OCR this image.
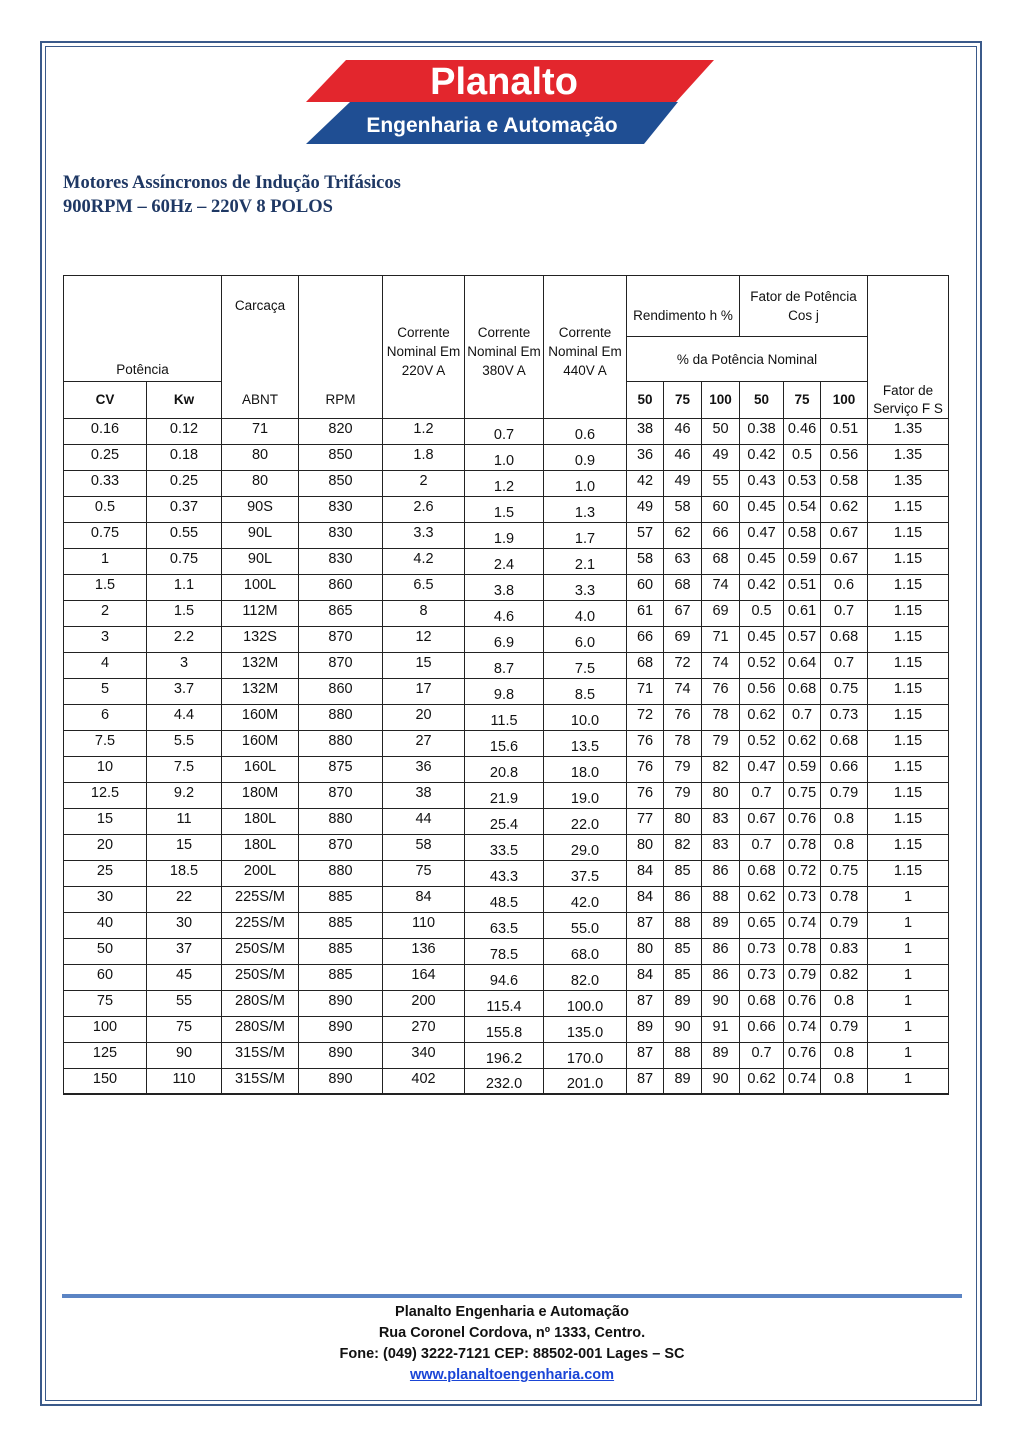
Planalto
Engenharia e Automação
Motores Assíncronos de Indução Trifásicos
900RPM – 60Hz – 220V 8 POLOS
Potência		Carcaça		Corrente Nominal Em 220V A	Corrente Nominal Em 380V A	Corrente Nominal Em 440V A	Rendimento h %			Fator de Potência Cos j			
							% da Potência Nominal						
CV	Kw	ABNT	RPM				50	75	100	50	75	100	Fator de Serviço F S
0.16	0.12	71	820	1.2	0.7	0.6	38	46	50	0.38	0.46	0.51	1.35
0.25	0.18	80	850	1.8	1.0	0.9	36	46	49	0.42	0.5	0.56	1.35
0.33	0.25	80	850	2	1.2	1.0	42	49	55	0.43	0.53	0.58	1.35
0.5	0.37	90S	830	2.6	1.5	1.3	49	58	60	0.45	0.54	0.62	1.15
0.75	0.55	90L	830	3.3	1.9	1.7	57	62	66	0.47	0.58	0.67	1.15
1	0.75	90L	830	4.2	2.4	2.1	58	63	68	0.45	0.59	0.67	1.15
1.5	1.1	100L	860	6.5	3.8	3.3	60	68	74	0.42	0.51	0.6	1.15
2	1.5	112M	865	8	4.6	4.0	61	67	69	0.5	0.61	0.7	1.15
3	2.2	132S	870	12	6.9	6.0	66	69	71	0.45	0.57	0.68	1.15
4	3	132M	870	15	8.7	7.5	68	72	74	0.52	0.64	0.7	1.15
5	3.7	132M	860	17	9.8	8.5	71	74	76	0.56	0.68	0.75	1.15
6	4.4	160M	880	20	11.5	10.0	72	76	78	0.62	0.7	0.73	1.15
7.5	5.5	160M	880	27	15.6	13.5	76	78	79	0.52	0.62	0.68	1.15
10	7.5	160L	875	36	20.8	18.0	76	79	82	0.47	0.59	0.66	1.15
12.5	9.2	180M	870	38	21.9	19.0	76	79	80	0.7	0.75	0.79	1.15
15	11	180L	880	44	25.4	22.0	77	80	83	0.67	0.76	0.8	1.15
20	15	180L	870	58	33.5	29.0	80	82	83	0.7	0.78	0.8	1.15
25	18.5	200L	880	75	43.3	37.5	84	85	86	0.68	0.72	0.75	1.15
30	22	225S/M	885	84	48.5	42.0	84	86	88	0.62	0.73	0.78	1
40	30	225S/M	885	110	63.5	55.0	87	88	89	0.65	0.74	0.79	1
50	37	250S/M	885	136	78.5	68.0	80	85	86	0.73	0.78	0.83	1
60	45	250S/M	885	164	94.6	82.0	84	85	86	0.73	0.79	0.82	1
75	55	280S/M	890	200	115.4	100.0	87	89	90	0.68	0.76	0.8	1
100	75	280S/M	890	270	155.8	135.0	89	90	91	0.66	0.74	0.79	1
125	90	315S/M	890	340	196.2	170.0	87	88	89	0.7	0.76	0.8	1
150	110	315S/M	890	402	232.0	201.0	87	89	90	0.62	0.74	0.8	1
Planalto Engenharia e Automação
Rua Coronel Cordova, nº 1333, Centro.
Fone: (049) 3222-7121 CEP: 88502-001 Lages – SC
www.planaltoengenharia.com
